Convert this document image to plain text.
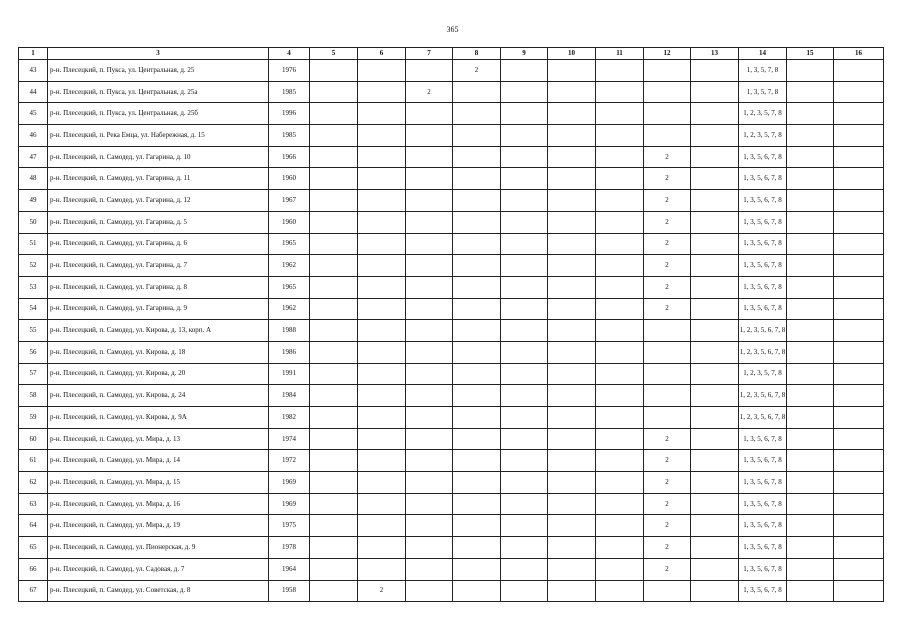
365
1	3	4	5	6	7	8	9	10	11	12	13	14	15	16
43	р-н. Плесецкий, п. Пукса, ул. Центральная, д. 25	1976				2						1, 3, 5, 7, 8		
44	р-н. Плесецкий, п. Пукса, ул. Центральная, д. 25а	1985			2							1, 3, 5, 7, 8		
45	р-н. Плесецкий, п. Пукса, ул. Центральная, д. 25б	1996										1, 2, 3, 5, 7, 8		
46	р-н. Плесецкий, п. Река Емца, ул. Набережная, д. 15	1985										1, 2, 3, 5, 7, 8		
47	р-н. Плесецкий, п. Самодед, ул. Гагарина, д. 10	1966								2		1, 3, 5, 6, 7, 8		
48	р-н. Плесецкий, п. Самодед, ул. Гагарина, д. 11	1960								2		1, 3, 5, 6, 7, 8		
49	р-н. Плесецкий, п. Самодед, ул. Гагарина, д. 12	1967								2		1, 3, 5, 6, 7, 8		
50	р-н. Плесецкий, п. Самодед, ул. Гагарина, д. 5	1960								2		1, 3, 5, 6, 7, 8		
51	р-н. Плесецкий, п. Самодед, ул. Гагарина, д. 6	1965								2		1, 3, 5, 6, 7, 8		
52	р-н. Плесецкий, п. Самодед, ул. Гагарина, д. 7	1962								2		1, 3, 5, 6, 7, 8		
53	р-н. Плесецкий, п. Самодед, ул. Гагарина, д. 8	1965								2		1, 3, 5, 6, 7, 8		
54	р-н. Плесецкий, п. Самодед, ул. Гагарина, д. 9	1962								2		1, 3, 5, 6, 7, 8		
55	р-н. Плесецкий, п. Самодед, ул. Кирова, д. 13, корп. А	1988										1, 2, 3, 5, 6, 7, 8		
56	р-н. Плесецкий, п. Самодед, ул. Кирова, д. 18	1986										1, 2, 3, 5, 6, 7, 8		
57	р-н. Плесецкий, п. Самодед, ул. Кирова, д. 20	1991										1, 2, 3, 5, 7, 8		
58	р-н. Плесецкий, п. Самодед, ул. Кирова, д. 24	1984										1, 2, 3, 5, 6, 7, 8		
59	р-н. Плесецкий, п. Самодед, ул. Кирова, д. 9А	1982										1, 2, 3, 5, 6, 7, 8		
60	р-н. Плесецкий, п. Самодед, ул. Мира, д. 13	1974								2		1, 3, 5, 6, 7, 8		
61	р-н. Плесецкий, п. Самодед, ул. Мира, д. 14	1972								2		1, 3, 5, 6, 7, 8		
62	р-н. Плесецкий, п. Самодед, ул. Мира, д. 15	1969								2		1, 3, 5, 6, 7, 8		
63	р-н. Плесецкий, п. Самодед, ул. Мира, д. 16	1969								2		1, 3, 5, 6, 7, 8		
64	р-н. Плесецкий, п. Самодед, ул. Мира, д. 19	1975								2		1, 3, 5, 6, 7, 8		
65	р-н. Плесецкий, п. Самодед, ул. Пионерская, д. 9	1978								2		1, 3, 5, 6, 7, 8		
66	р-н. Плесецкий, п. Самодед, ул. Садовая, д. 7	1964								2		1, 3, 5, 6, 7, 8		
67	р-н. Плесецкий, п. Самодед, ул. Советская, д. 8	1958		2								1, 3, 5, 6, 7, 8		
